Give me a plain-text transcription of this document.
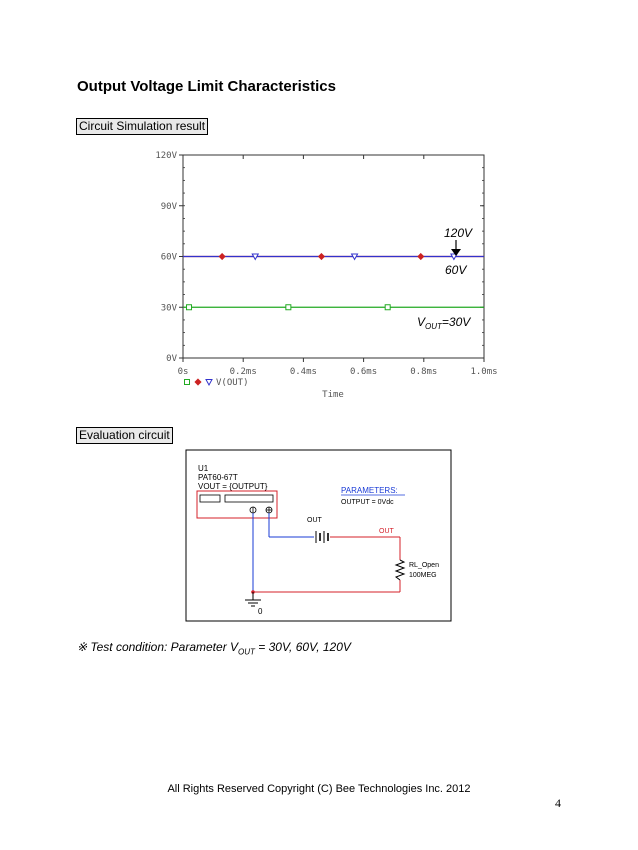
Output Voltage Limit Characteristics
Circuit Simulation result
0V
30V
60V
90V
120V
0s	0.2ms	0.4ms	0.6ms	0.8ms	1.0ms
V(OUT)
Time
120V
60V
$V_{OUT}=30V$
Evaluation circuit
U1
PAT60-67T
VOUT = {OUTPUT}	PARAMETERS:
OUTPUT = 0Vdc
OUT
OUT
RL_Open
100MEG
0
※ Test condition: Parameter $V_{OUT} = 30V$, 60V, 120V
All Rights Reserved Copyright (C) Bee Technologies Inc. 2012
4
